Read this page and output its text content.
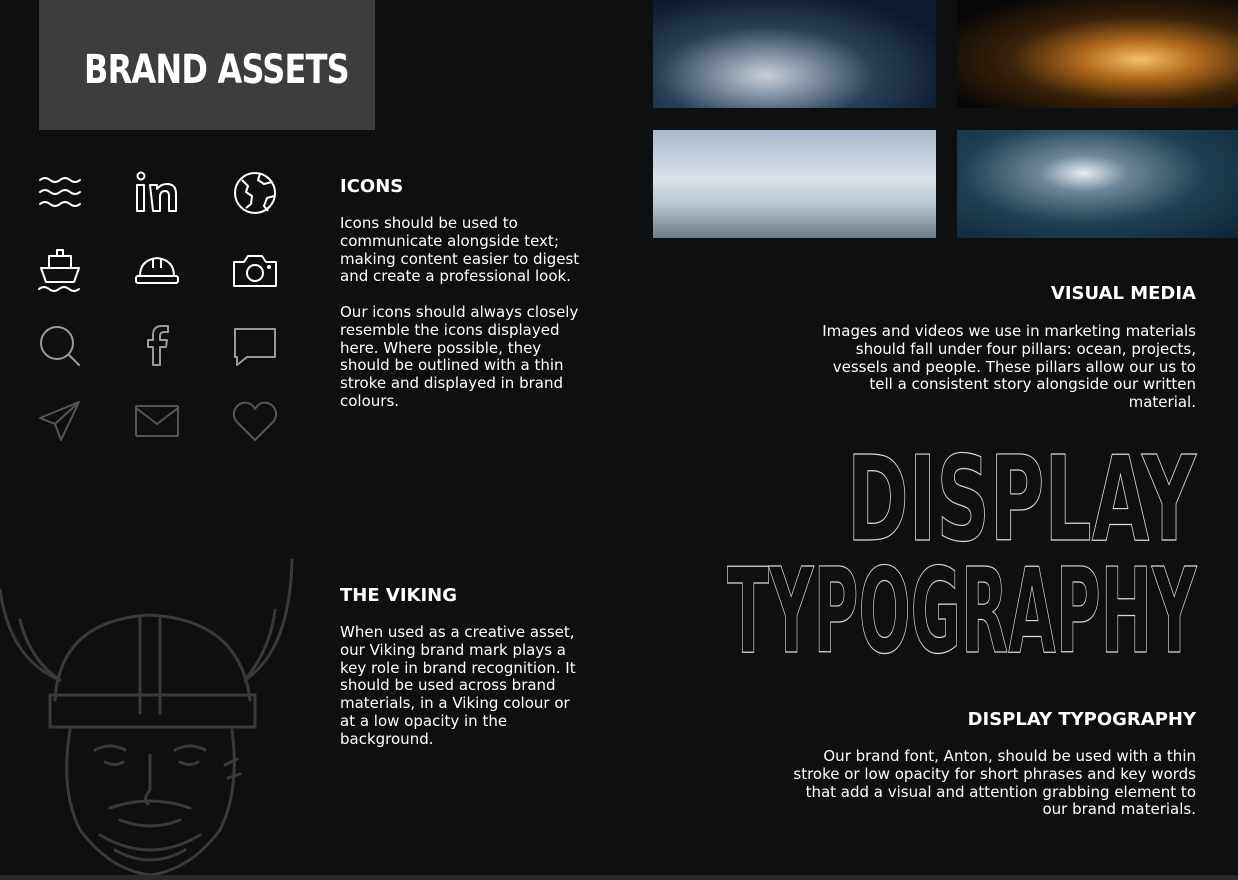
BRAND ASSETS
ICONS
Icons should be used to communicate alongside text; making content easier to digest and create a professional look.

Our icons should always closely resemble the icons displayed here. Where possible, they should be outlined with a thin stroke and displayed in brand colours.
VISUAL MEDIA
Images and videos we use in marketing materials should fall under four pillars: ocean, projects, vessels and people. These pillars allow our us to tell a consistent story alongside our written material.
DISPLAY
TYPOGRAPHY
DISPLAY TYPOGRAPHY
Our brand font, Anton, should be used with a thin stroke or low opacity for short phrases and key words that add a visual and attention grabbing element to our brand materials.
THE VIKING
When used as a creative asset, our Viking brand mark plays a key role in brand recognition. It should be used across brand materials, in a Viking colour or at a low opacity in the background.
